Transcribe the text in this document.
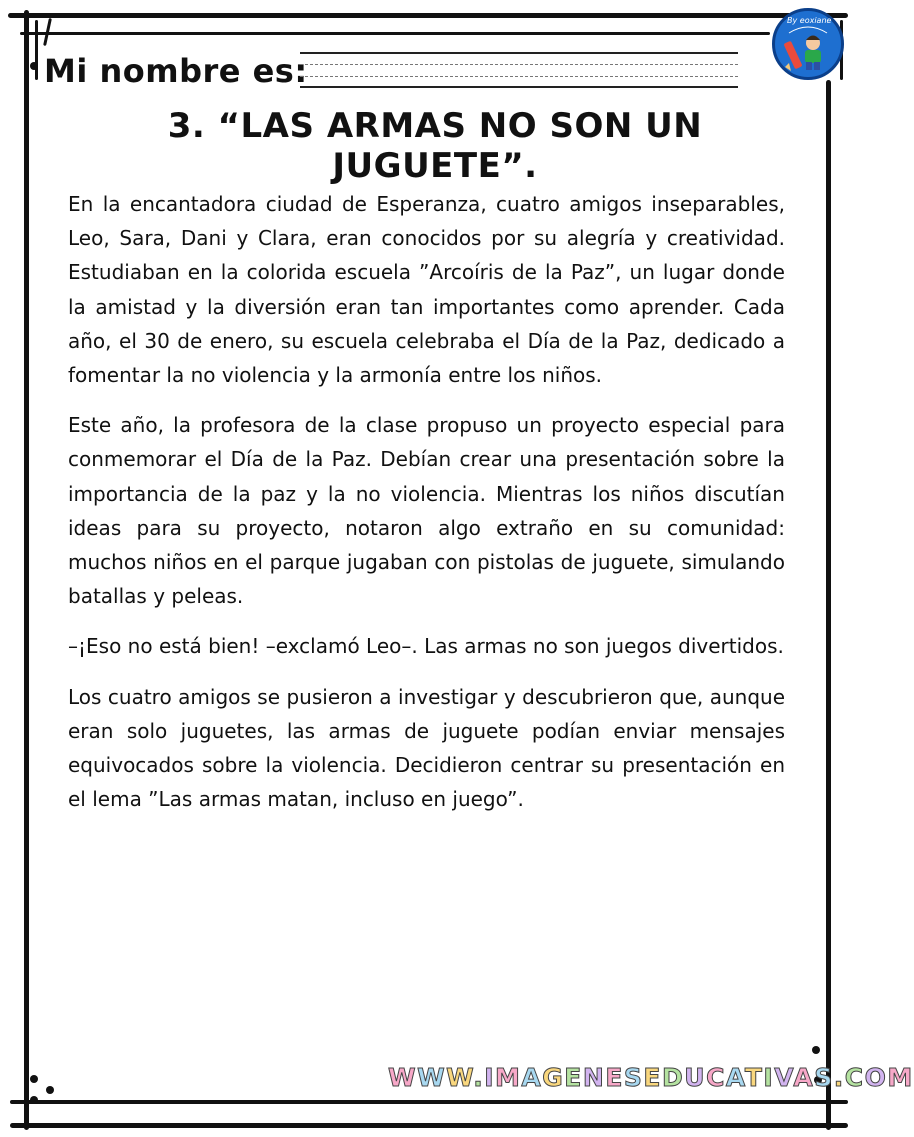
Mi nombre es:
By eoxiane
3. “LAS ARMAS NO SON UN JUGUETE”.

En la encantadora ciudad de Esperanza, cuatro amigos inseparables, Leo, Sara, Dani y Clara, eran conocidos por su alegría y creatividad. Estudiaban en la colorida escuela ”Arcoíris de la Paz”, un lugar donde la amistad y la diversión eran tan importantes como aprender. Cada año, el 30 de enero, su escuela celebraba el Día de la Paz, dedicado a fomentar la no violencia y la armonía entre los niños.

Este año, la profesora de la clase propuso un proyecto especial para conmemorar el Día de la Paz. Debían crear una presentación sobre la importancia de la paz y la no violencia. Mientras los niños discutían ideas para su proyecto, notaron algo extraño en su comunidad: muchos niños en el parque jugaban con pistolas de juguete, simulando batallas y peleas.

–¡Eso no está bien! –exclamó Leo–. Las armas no son juegos divertidos.

Los cuatro amigos se pusieron a investigar y descubrieron que, aunque eran solo juguetes, las armas de juguete podían enviar mensajes equivocados sobre la violencia. Decidieron centrar su presentación en el lema ”Las armas matan, incluso en juego”.

WWW.IMAGENESEDUCATIVAS.COM
